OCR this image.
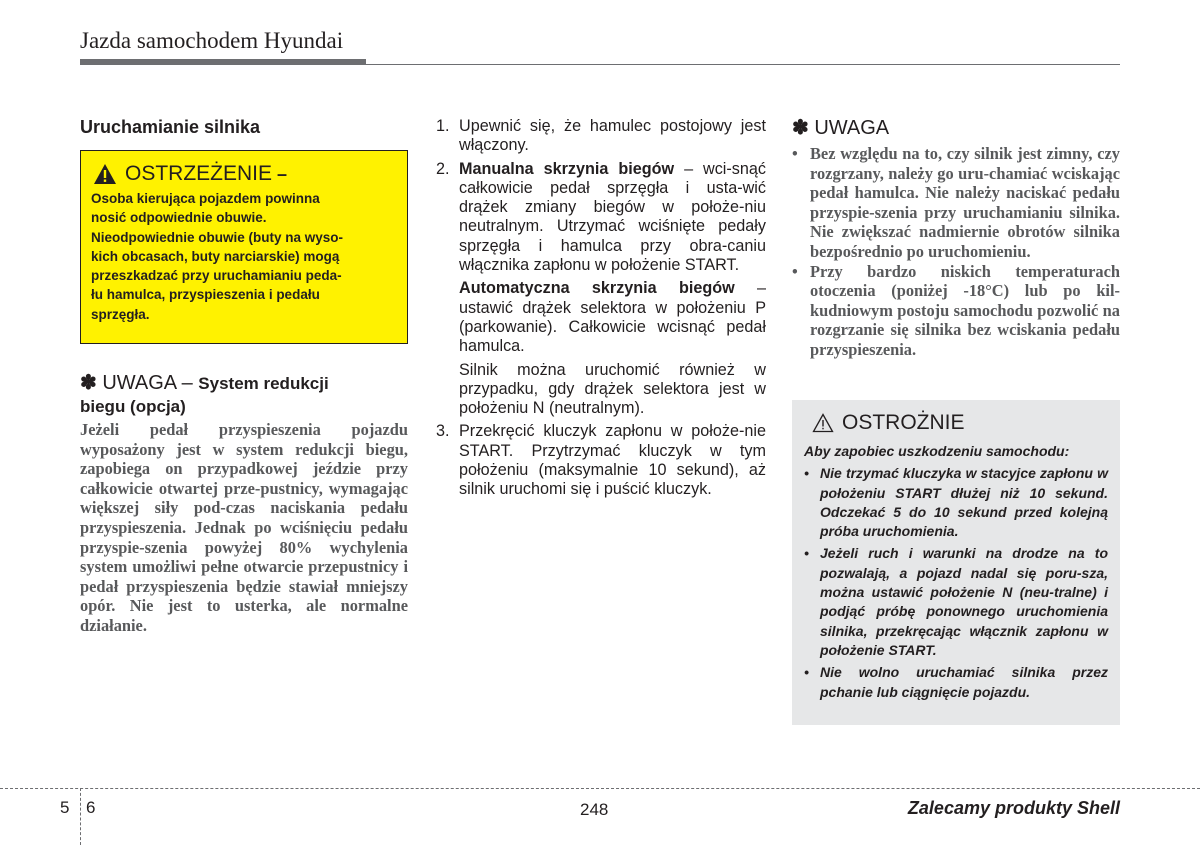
Jazda samochodem Hyundai
Uruchamianie silnika
OSTRZEŻENIE –
Osoba kierująca pojazdem powinna
nosić odpowiednie obuwie.
Nieodpowiednie obuwie (buty na wyso-
kich obcasach, buty narciarskie) mogą
przeszkadzać przy uruchamianiu peda-
łu hamulca, przyspieszenia i pedału
sprzęgła.
✽ UWAGA – System redukcji
biegu (opcja)
Jeżeli pedał przyspieszenia pojazdu wyposażony jest w system redukcji biegu, zapobiega on przypadkowej jeździe przy całkowicie otwartej prze-pustnicy, wymagając większej siły pod-czas naciskania pedału przyspieszenia. Jednak po wciśnięciu pedału przyspie-szenia powyżej 80% wychylenia system umożliwi pełne otwarcie przepustnicy i pedał przyspieszenia będzie stawiał mniejszy opór. Nie jest to usterka, ale normalne działanie.
1. Upewnić się, że hamulec postojowy jest włączony.
2. Manualna skrzynia biegów – wci-snąć całkowicie pedał sprzęgła i usta-wić drążek zmiany biegów w położe-niu neutralnym. Utrzymać wciśnięte pedały sprzęgła i hamulca przy obra-caniu włącznika zapłonu w położenie START.
Automatyczna skrzynia biegów – ustawić drążek selektora w położeniu P (parkowanie). Całkowicie wcisnąć pedał hamulca.
Silnik można uruchomić również w przypadku, gdy drążek selektora jest w położeniu N (neutralnym).
3. Przekręcić kluczyk zapłonu w położe-nie START. Przytrzymać kluczyk w tym położeniu (maksymalnie 10 sekund), aż silnik uruchomi się i puścić kluczyk.
✽ UWAGA
• Bez względu na to, czy silnik jest zimny, czy rozgrzany, należy go uru-chamiać wciskając pedał hamulca. Nie należy naciskać pedału przyspie-szenia przy uruchamianiu silnika. Nie zwiększać nadmiernie obrotów silnika bezpośrednio po uruchomieniu.
• Przy bardzo niskich temperaturach otoczenia (poniżej -18°C) lub po kil-kudniowym postoju samochodu pozwolić na rozgrzanie się silnika bez wciskania pedału przyspieszenia.
OSTROŻNIE
Aby zapobiec uszkodzeniu samochodu:
• Nie trzymać kluczyka w stacyjce zapłonu w położeniu START dłużej niż 10 sekund. Odczekać 5 do 10 sekund przed kolejną próba uruchomienia.
• Jeżeli ruch i warunki na drodze na to pozwalają, a pojazd nadal się poru-sza, można ustawić położenie N (neu-tralne) i podjąć próbę ponownego uruchomienia silnika, przekręcając włącznik zapłonu w położenie START.
• Nie wolno uruchamiać silnika przez pchanie lub ciągnięcie pojazdu.
5 6	248	Zalecamy produkty Shell
